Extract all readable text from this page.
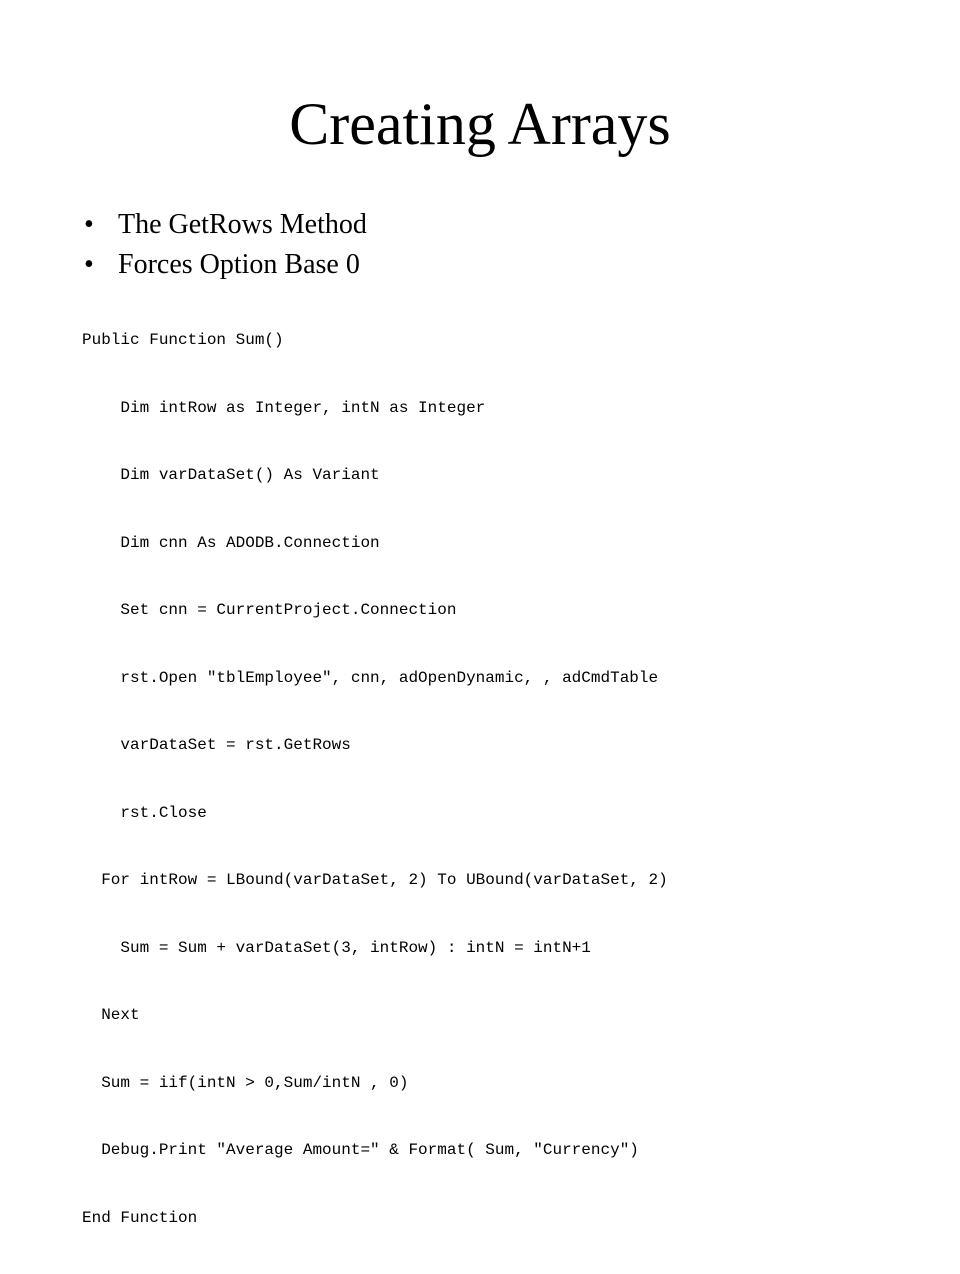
Creating Arrays
• The GetRows Method
• Forces Option Base 0

Public Function Sum()

Dim intRow as Integer, intN as Integer

Dim varDataSet() As Variant

Dim cnn As ADODB.Connection

Set cnn = CurrentProject.Connection

rst.Open "tblEmployee", cnn, adOpenDynamic, , adCmdTable

varDataSet = rst.GetRows

rst.Close

For intRow = LBound(varDataSet, 2) To UBound(varDataSet, 2)

Sum = Sum + varDataSet(3, intRow) : intN = intN+1

Next

Sum = iif(intN > 0,Sum/intN , 0)

Debug.Print "Average Amount=" & Format( Sum, "Currency")

End Function
